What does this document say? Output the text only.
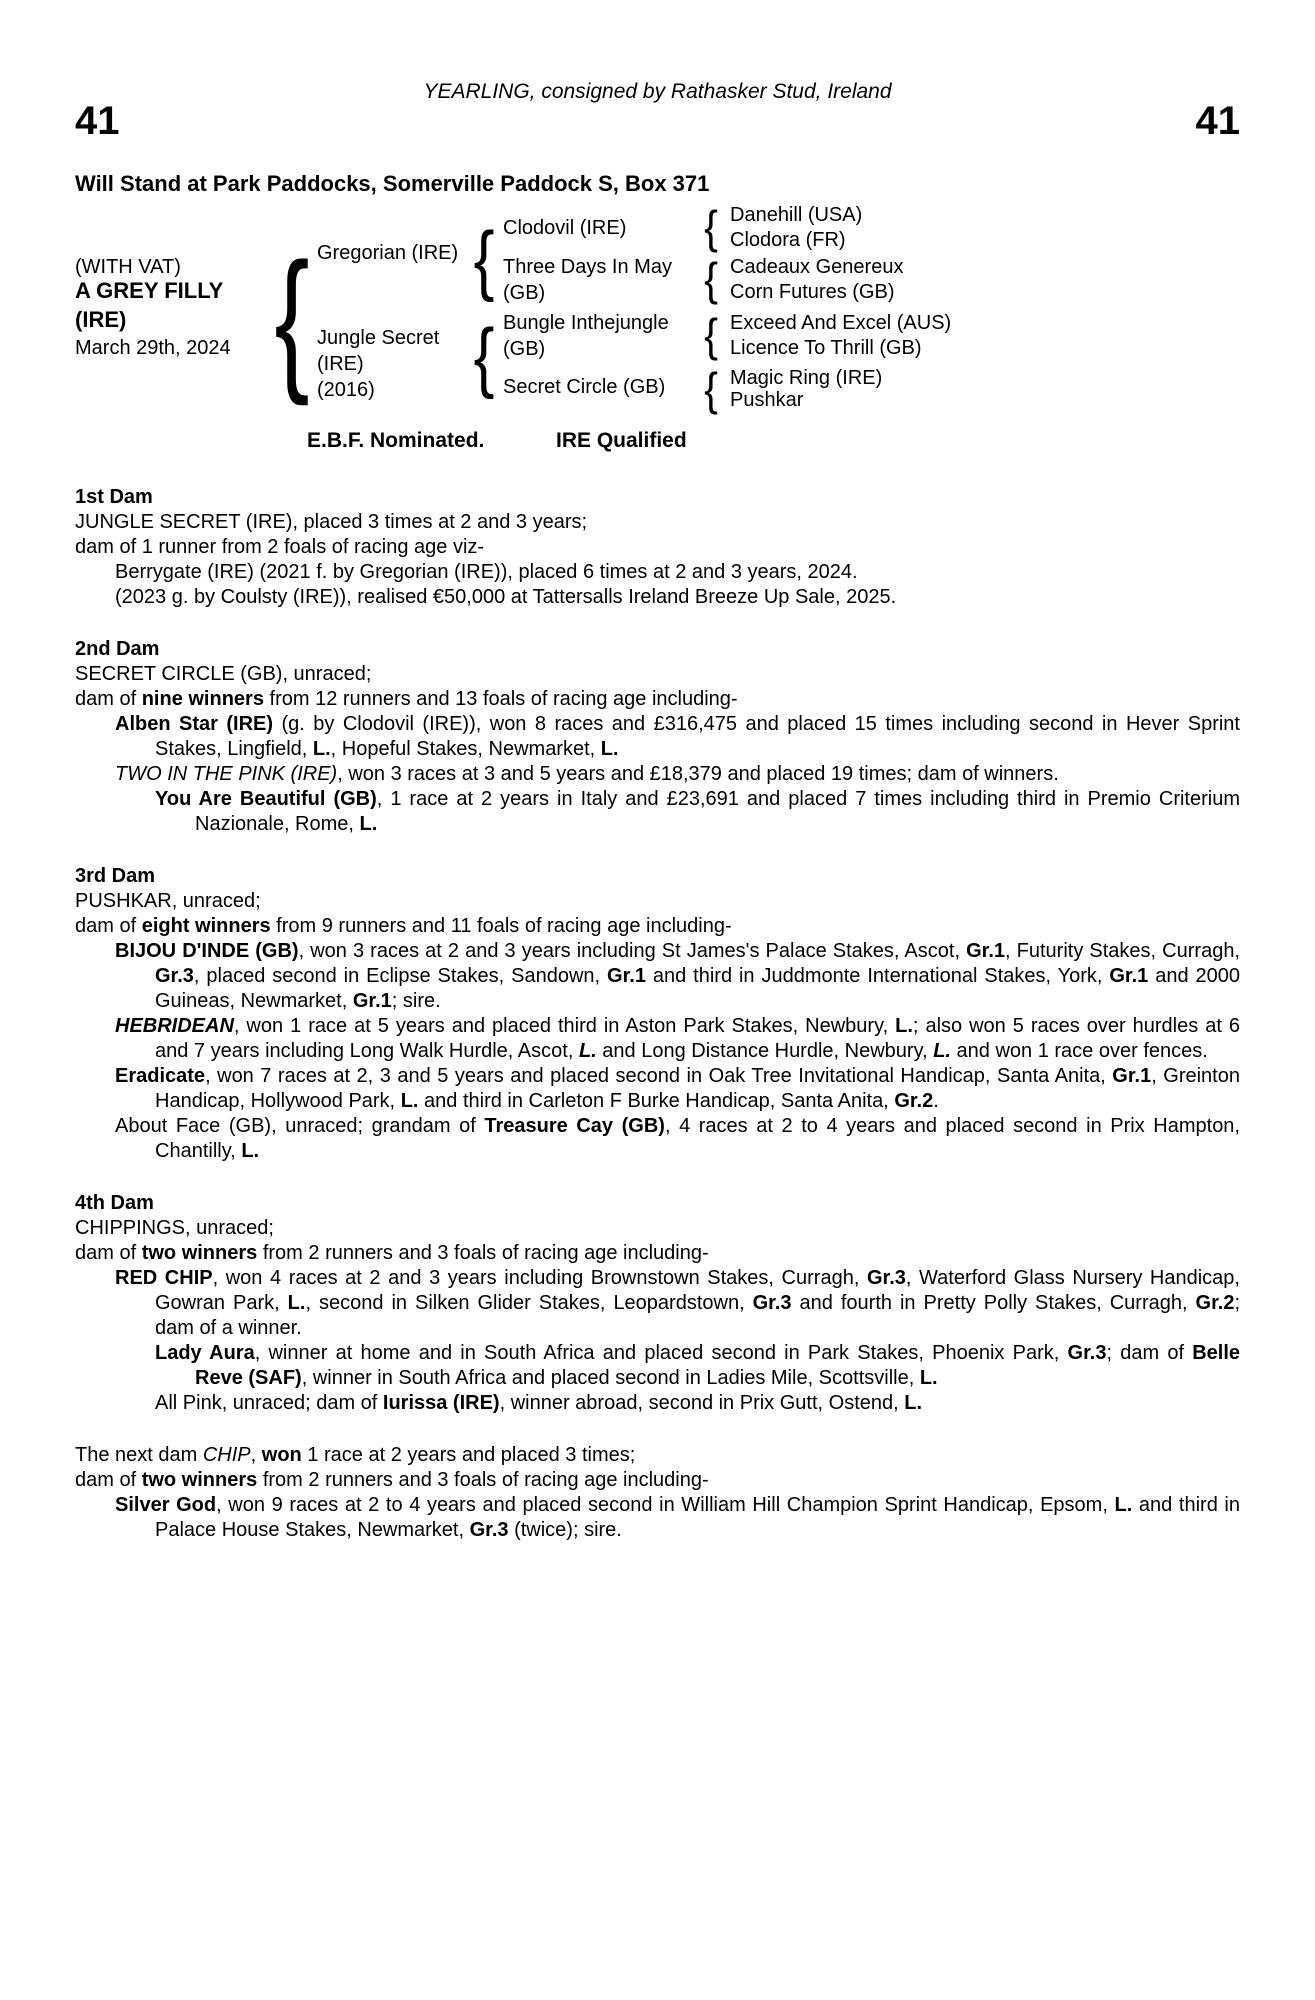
YEARLING, consigned by Rathasker Stud, Ireland
41	41
Will Stand at Park Paddocks, Somerville Paddock S, Box 371
(WITH VAT)
A GREY FILLY
(IRE)
March 29th, 2024
{
Gregorian (IRE)
Jungle Secret
(IRE)
(2016)
{
{
Clodovil (IRE)
Three Days In May
(GB)
Bungle Inthejungle
(GB)
Secret Circle (GB)
{
{
{
{
Danehill (USA)
Clodora (FR)
Cadeaux Genereux
Corn Futures (GB)
Exceed And Excel (AUS)
Licence To Thrill (GB)
Magic Ring (IRE)
Pushkar
E.B.F. Nominated.	IRE Qualified
1st Dam

JUNGLE SECRET (IRE), placed 3 times at 2 and 3 years;

dam of 1 runner from 2 foals of racing age viz-

Berrygate (IRE) (2021 f. by Gregorian (IRE)), placed 6 times at 2 and 3 years, 2024.

(2023 g. by Coulsty (IRE)), realised €50,000 at Tattersalls Ireland Breeze Up Sale, 2025.

2nd Dam

SECRET CIRCLE (GB), unraced;

dam of nine winners from 12 runners and 13 foals of racing age including-

Alben Star (IRE) (g. by Clodovil (IRE)), won 8 races and £316,475 and placed 15 times including second in Hever Sprint Stakes, Lingfield, L., Hopeful Stakes, Newmarket, L.

TWO IN THE PINK (IRE), won 3 races at 3 and 5 years and £18,379 and placed 19 times; dam of winners.

You Are Beautiful (GB), 1 race at 2 years in Italy and £23,691 and placed 7 times including third in Premio Criterium Nazionale, Rome, L.

3rd Dam

PUSHKAR, unraced;

dam of eight winners from 9 runners and 11 foals of racing age including-

BIJOU D'INDE (GB), won 3 races at 2 and 3 years including St James's Palace Stakes, Ascot, Gr.1, Futurity Stakes, Curragh, Gr.3, placed second in Eclipse Stakes, Sandown, Gr.1 and third in Juddmonte International Stakes, York, Gr.1 and 2000 Guineas, Newmarket, Gr.1; sire.

HEBRIDEAN, won 1 race at 5 years and placed third in Aston Park Stakes, Newbury, L.; also won 5 races over hurdles at 6 and 7 years including Long Walk Hurdle, Ascot, L. and Long Distance Hurdle, Newbury, L. and won 1 race over fences.

Eradicate, won 7 races at 2, 3 and 5 years and placed second in Oak Tree Invitational Handicap, Santa Anita, Gr.1, Greinton Handicap, Hollywood Park, L. and third in Carleton F Burke Handicap, Santa Anita, Gr.2.

About Face (GB), unraced; grandam of Treasure Cay (GB), 4 races at 2 to 4 years and placed second in Prix Hampton, Chantilly, L.

4th Dam

CHIPPINGS, unraced;

dam of two winners from 2 runners and 3 foals of racing age including-

RED CHIP, won 4 races at 2 and 3 years including Brownstown Stakes, Curragh, Gr.3, Waterford Glass Nursery Handicap, Gowran Park, L., second in Silken Glider Stakes, Leopardstown, Gr.3 and fourth in Pretty Polly Stakes, Curragh, Gr.2; dam of a winner.

Lady Aura, winner at home and in South Africa and placed second in Park Stakes, Phoenix Park, Gr.3; dam of Belle Reve (SAF), winner in South Africa and placed second in Ladies Mile, Scottsville, L.

All Pink, unraced; dam of Iurissa (IRE), winner abroad, second in Prix Gutt, Ostend, L.

The next dam CHIP, won 1 race at 2 years and placed 3 times;

dam of two winners from 2 runners and 3 foals of racing age including-

Silver God, won 9 races at 2 to 4 years and placed second in William Hill Champion Sprint Handicap, Epsom, L. and third in Palace House Stakes, Newmarket, Gr.3 (twice); sire.
